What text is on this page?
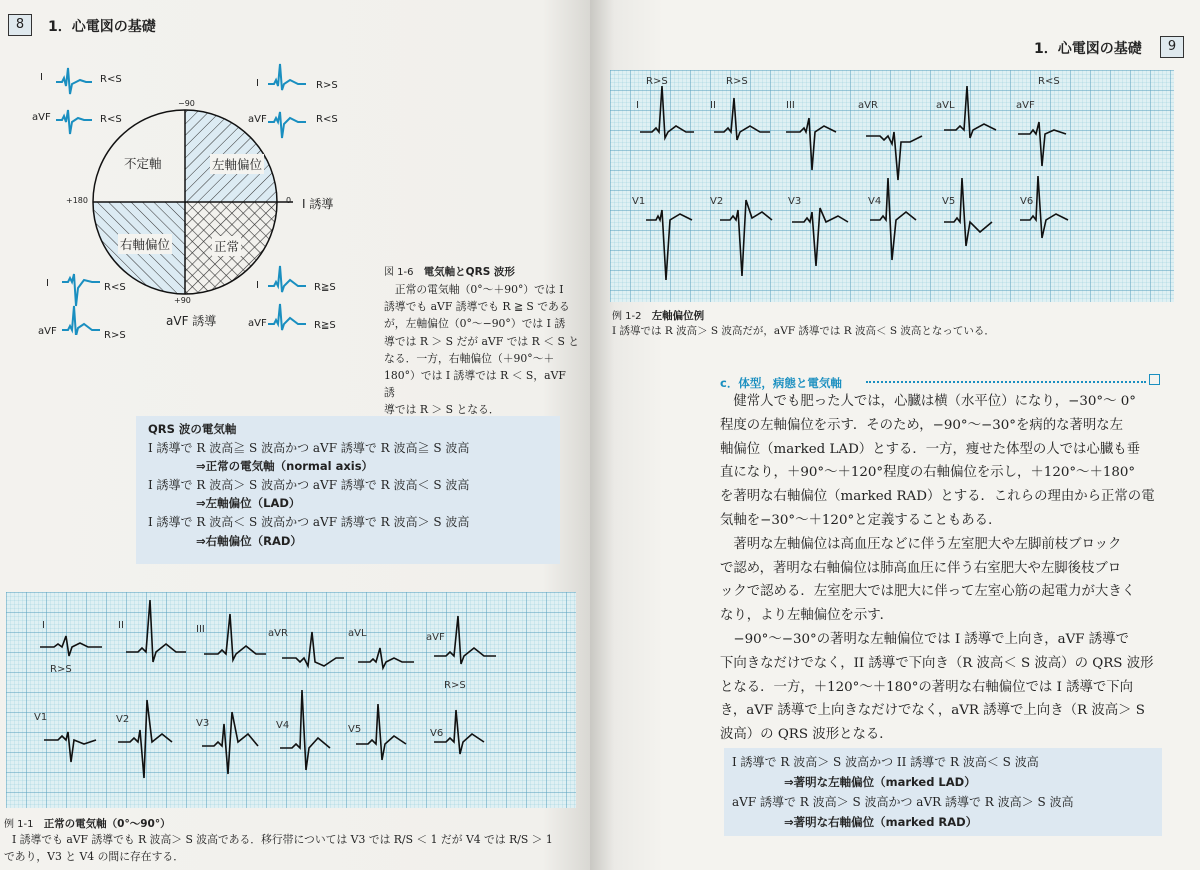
8	1．心電図の基礎
I	R<S
aVF	R<S
I	R>S
aVF	R<S
I	R<S
aVF	R>S
I	R≧S
aVF	R≧S
−90
+180	0
+90
I 誘導
aVF 誘導
不定軸	左軸偏位
右軸偏位	正常
図 1-6 電気軸とQRS 波形
正常の電気軸（0°〜＋90°）では I
誘導でも aVF 誘導でも R ≧ S である
が，左軸偏位（0°〜−90°）では I 誘
導では R ＞ S だが aVF では R ＜ S と
なる．一方，右軸偏位（＋90°〜＋
180°）では I 誘導では R ＜ S，aVF 誘
導では R ＞ S となる．
QRS 波の電気軸
I 誘導で R 波高≧ S 波高かつ aVF 誘導で R 波高≧ S 波高
⇒正常の電気軸（normal axis）
I 誘導で R 波高＞ S 波高かつ aVF 誘導で R 波高＜ S 波高
⇒左軸偏位（LAD）
I 誘導で R 波高＜ S 波高かつ aVF 誘導で R 波高＞ S 波高
⇒右軸偏位（RAD）
I	II	III	aVR	aVL	aVF
R>S
R>S
V1	V2	V3	V4	V5	V6
例 1-1 正常の電気軸（0°〜90°）
I 誘導でも aVF 誘導でも R 波高＞ S 波高である．移行帯については V3 では R/S ＜ 1 だが V4 では R/S ＞ 1
であり，V3 と V4 の間に存在する．
1．心電図の基礎	9
I	II	III	aVR	aVL	aVF
R>S	R>S	R<S
V1	V2	V3	V4	V5	V6
例 1-2 左軸偏位例
I 誘導では R 波高＞ S 波高だが，aVF 誘導では R 波高＜ S 波高となっている．
c．体型，病態と電気軸
健常人でも肥った人では，心臓は横（水平位）になり，−30°〜 0°
程度の左軸偏位を示す．そのため，−90°〜−30°を病的な著明な左
軸偏位（marked LAD）とする．一方，痩せた体型の人では心臓も垂
直になり，＋90°〜＋120°程度の右軸偏位を示し，＋120°〜＋180°
を著明な右軸偏位（marked RAD）とする．これらの理由から正常の電
気軸を−30°〜＋120°と定義することもある．
著明な左軸偏位は高血圧などに伴う左室肥大や左脚前枝ブロック
で認め，著明な右軸偏位は肺高血圧に伴う右室肥大や左脚後枝ブロ
ックで認める．左室肥大では肥大に伴って左室心筋の起電力が大きく
なり，より左軸偏位を示す．
−90°〜−30°の著明な左軸偏位では I 誘導で上向き，aVF 誘導で
下向きなだけでなく，II 誘導で下向き（R 波高＜ S 波高）の QRS 波形
となる．一方，＋120°〜＋180°の著明な右軸偏位では I 誘導で下向
き，aVF 誘導で上向きなだけでなく，aVR 誘導で上向き（R 波高＞ S
波高）の QRS 波形となる．
I 誘導で R 波高＞ S 波高かつ II 誘導で R 波高＜ S 波高
⇒著明な左軸偏位（marked LAD）
aVF 誘導で R 波高＞ S 波高かつ aVR 誘導で R 波高＞ S 波高
⇒著明な右軸偏位（marked RAD）
